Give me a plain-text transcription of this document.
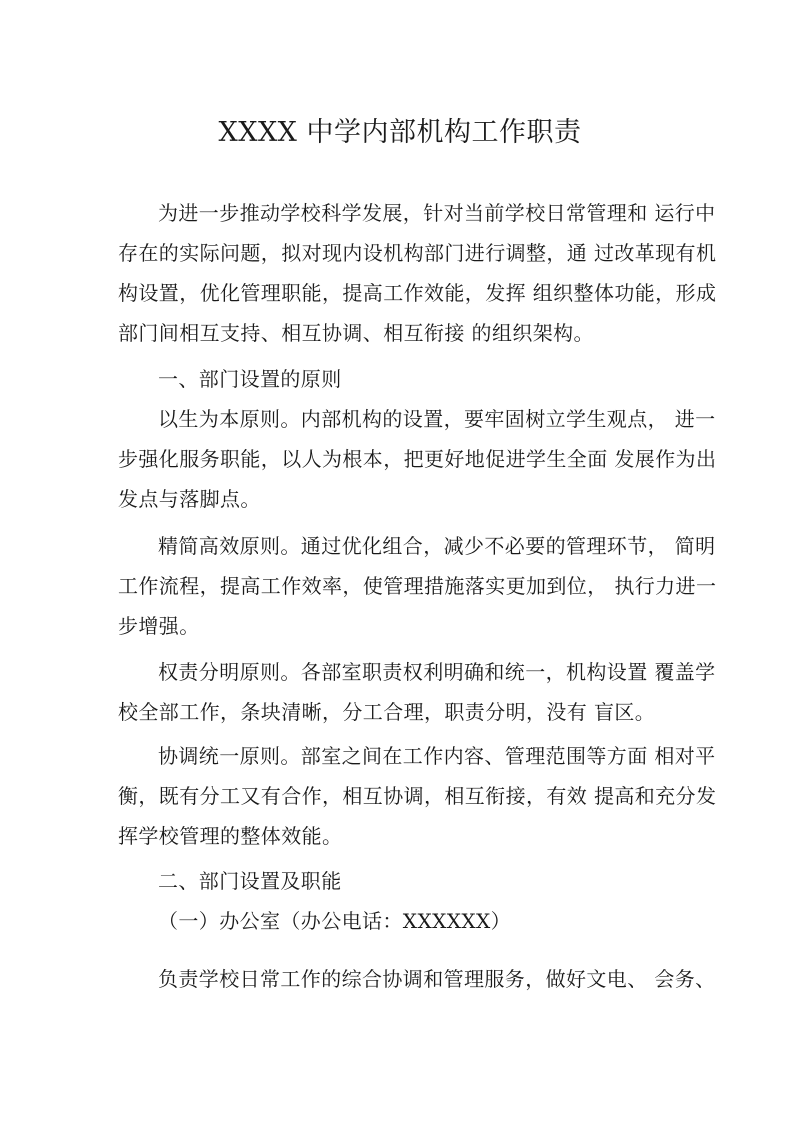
XXXX 中学内部机构工作职责
为进一步推动学校科学发展，针对当前学校日常管理和 运行中
存在的实际问题，拟对现内设机构部门进行调整，通 过改革现有机
构设置，优化管理职能，提高工作效能，发挥 组织整体功能，形成
部门间相互支持、相互协调、相互衔接 的组织架构。
一、部门设置的原则
以生为本原则。内部机构的设置，要牢固树立学生观点， 进一
步强化服务职能，以人为根本，把更好地促进学生全面 发展作为出
发点与落脚点。
精简高效原则。通过优化组合，减少不必要的管理环节， 简明
工作流程，提高工作效率，使管理措施落实更加到位， 执行力进一
步增强。
权责分明原则。各部室职责权利明确和统一，机构设置 覆盖学
校全部工作，条块清晰，分工合理，职责分明，没有 盲区。
协调统一原则。部室之间在工作内容、管理范围等方面 相对平
衡，既有分工又有合作，相互协调，相互衔接，有效 提高和充分发
挥学校管理的整体效能。
二、部门设置及职能
（一）办公室（办公电话：XXXXXX）
负责学校日常工作的综合协调和管理服务，做好文电、 会务、
